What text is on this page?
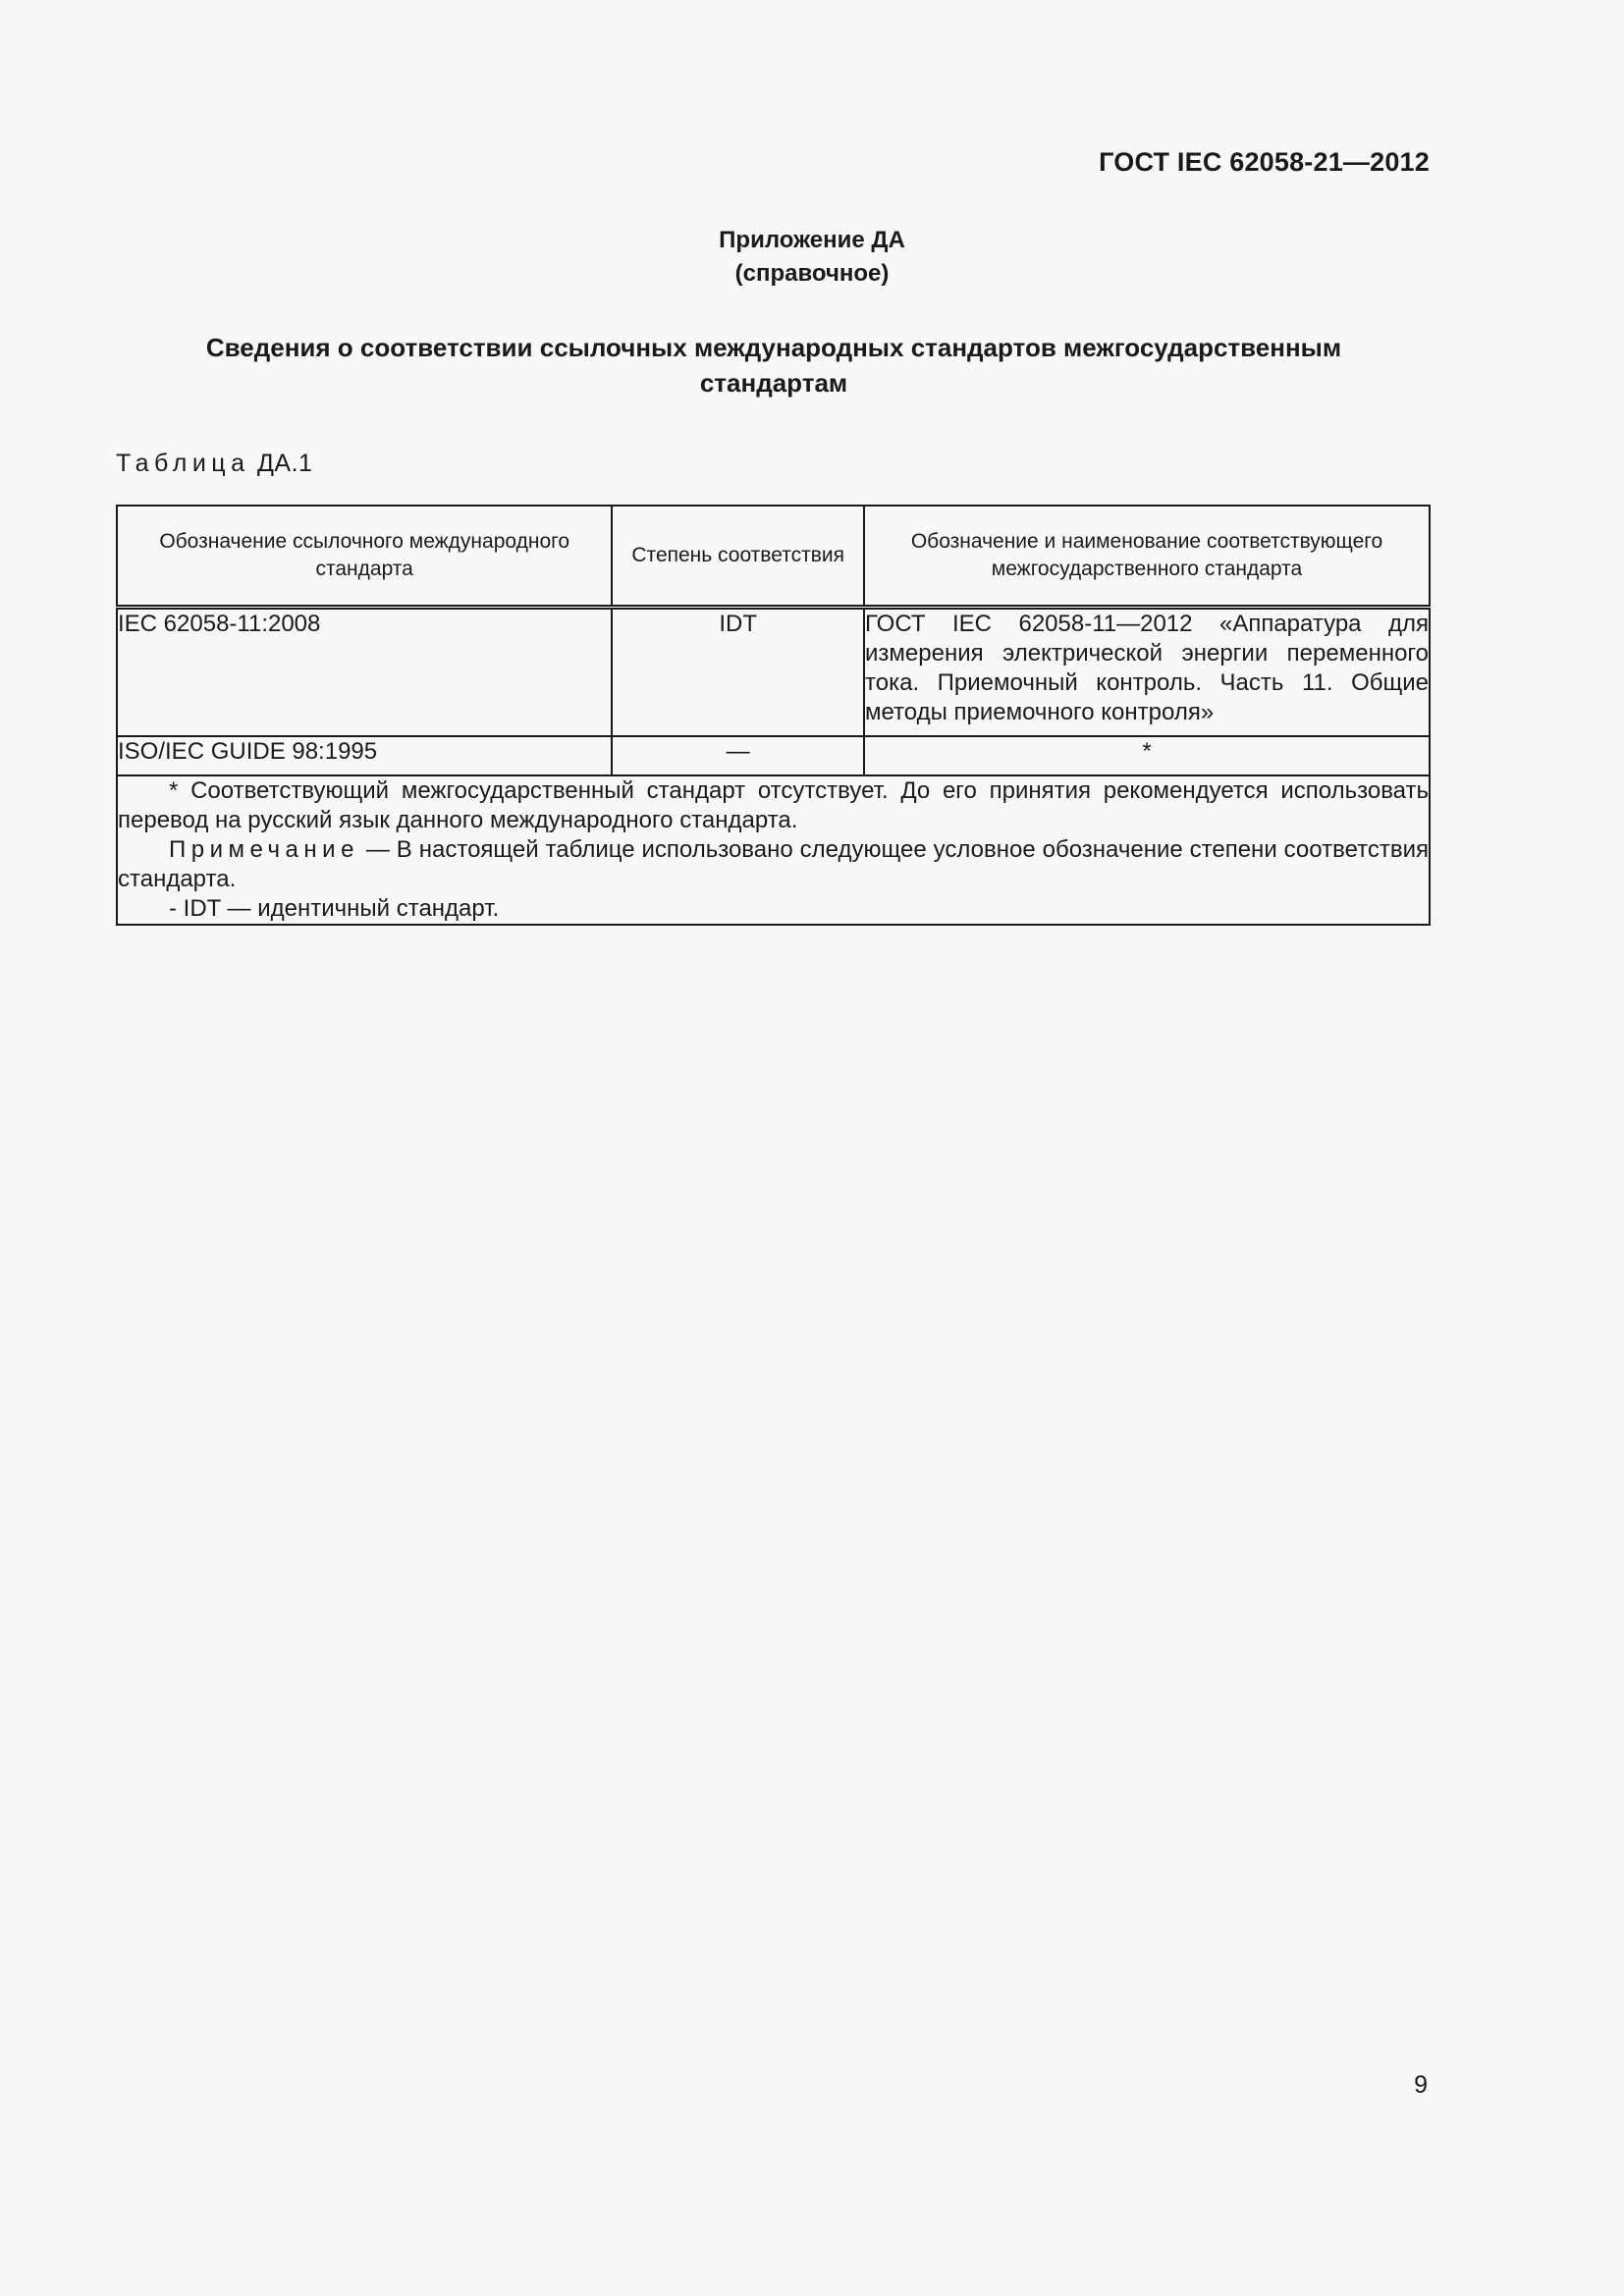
ГОСТ IEC 62058-21—2012
Приложение ДА
(справочное)
Сведения о соответствии ссылочных международных стандартов межгосударственным
стандартам
Таблица ДА.1
Обозначение ссылочного международного стандарта	Степень соответствия	Обозначение и наименование соответствующего межгосударственного стандарта
IEC 62058-11:2008	IDT	ГОСТ IEC 62058-11—2012 «Аппаратура для измерения электрической энергии переменного тока. Приемочный контроль. Часть 11. Общие методы приемочного контроля»
ISO/IEC GUIDE 98:1995	—	*

* Соответствующий межгосударственный стандарт отсутствует. До его принятия рекомендуется использовать перевод на русский язык данного международного стандарта.

Примечание — В настоящей таблице использовано следующее условное обозначение степени соответствия стандарта.

- IDT — идентичный стандарт.		

9
